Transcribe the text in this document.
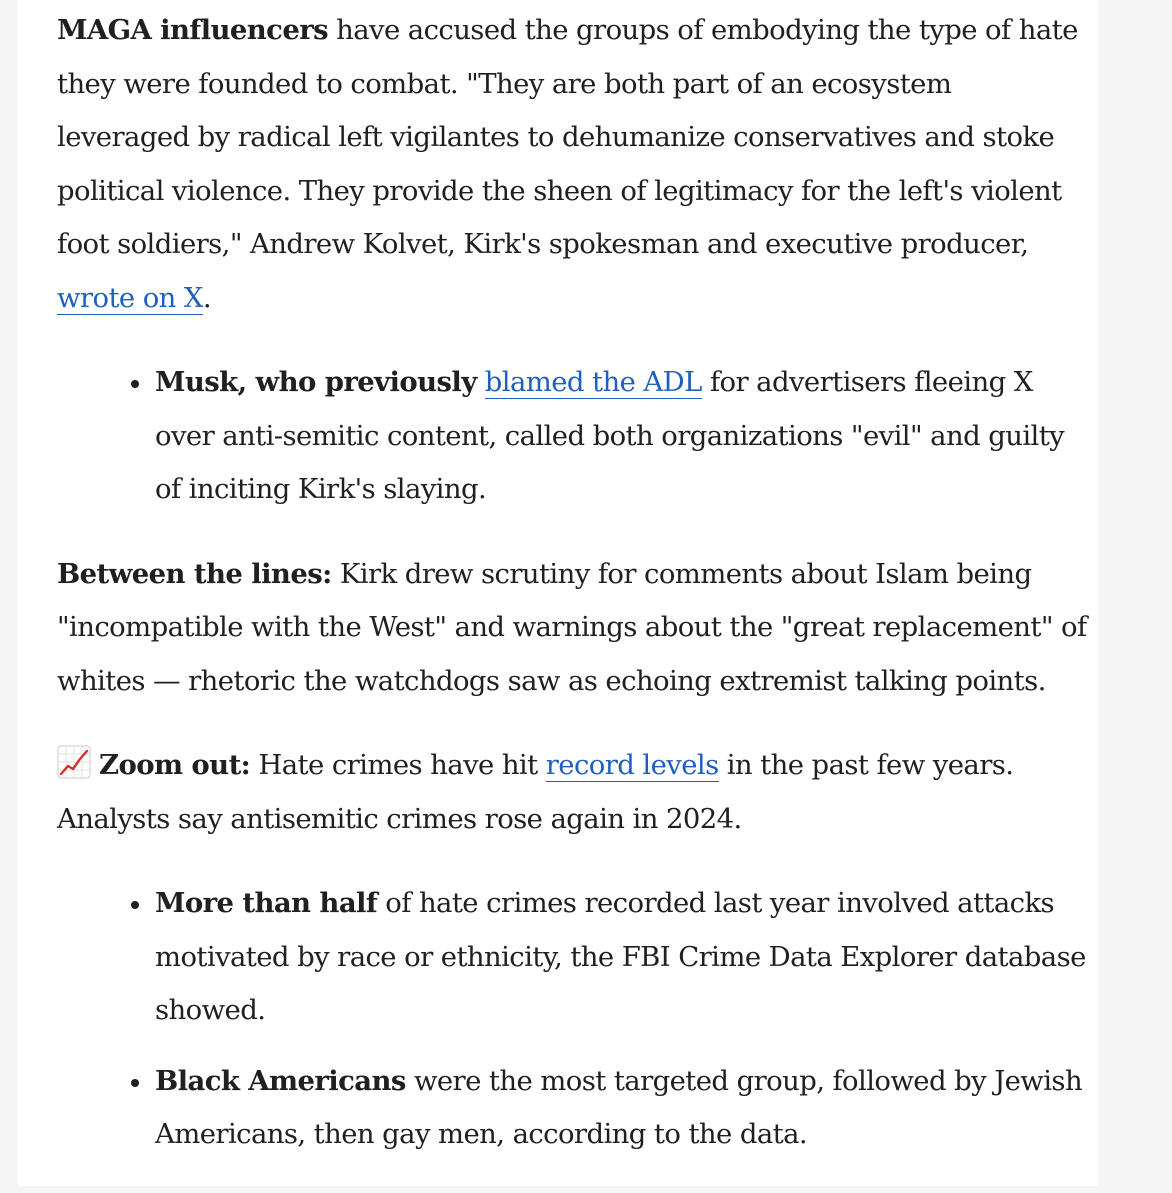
MAGA influencers have accused the groups of embodying the type of hate they were founded to combat. "They are both part of an ecosystem leveraged by radical left vigilantes to dehumanize conservatives and stoke political violence. They provide the sheen of legitimacy for the left's violent foot soldiers," Andrew Kolvet, Kirk's spokesman and executive producer, wrote on X.

Musk, who previously blamed the ADL for advertisers fleeing X over anti-semitic content, called both organizations "evil" and guilty of inciting Kirk's slaying.

Between the lines: Kirk drew scrutiny for comments about Islam being "incompatible with the West" and warnings about the "great replacement" of whites — rhetoric the watchdogs saw as echoing extremist talking points.

Zoom out: Hate crimes have hit record levels in the past few years. Analysts say antisemitic crimes rose again in 2024.

More than half of hate crimes recorded last year involved attacks motivated by race or ethnicity, the FBI Crime Data Explorer database showed.
Black Americans were the most targeted group, followed by Jewish Americans, then gay men, according to the data.
